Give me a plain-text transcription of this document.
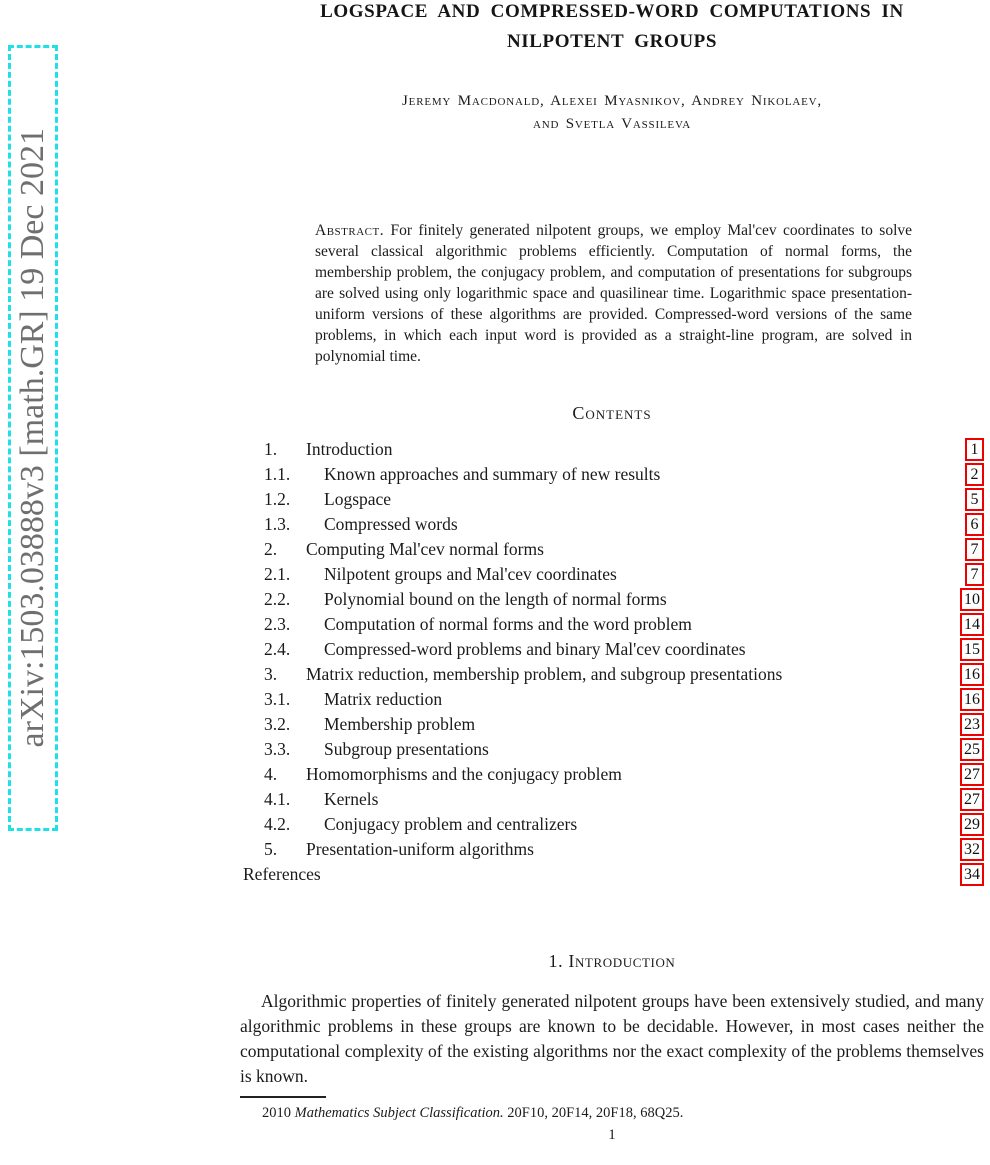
arXiv:1503.03888v3 [math.GR] 19 Dec 2021
LOGSPACE AND COMPRESSED-WORD COMPUTATIONS IN
NILPOTENT GROUPS
Jeremy Macdonald, Alexei Myasnikov, Andrey Nikolaev,
and Svetla Vassileva
Abstract. For finitely generated nilpotent groups, we employ Mal'cev coordinates to solve several classical algorithmic problems efficiently. Computation of normal forms, the membership problem, the conjugacy problem, and computation of presentations for subgroups are solved using only logarithmic space and quasilinear time. Logarithmic space presentation-uniform versions of these algorithms are provided. Compressed-word versions of the same problems, in which each input word is provided as a straight-line program, are solved in polynomial time.
Contents
1.	Introduction	1
1.1.	Known approaches and summary of new results	2
1.2.	Logspace	5
1.3.	Compressed words	6
2.	Computing Mal'cev normal forms	7
2.1.	Nilpotent groups and Mal'cev coordinates	7
2.2.	Polynomial bound on the length of normal forms	10
2.3.	Computation of normal forms and the word problem	14
2.4.	Compressed-word problems and binary Mal'cev coordinates	15
3.	Matrix reduction, membership problem, and subgroup presentations	16
3.1.	Matrix reduction	16
3.2.	Membership problem	23
3.3.	Subgroup presentations	25
4.	Homomorphisms and the conjugacy problem	27
4.1.	Kernels	27
4.2.	Conjugacy problem and centralizers	29
5.	Presentation-uniform algorithms	32
References	34
1. Introduction
Algorithmic properties of finitely generated nilpotent groups have been extensively studied, and many algorithmic problems in these groups are known to be decidable. However, in most cases neither the computational complexity of the existing algorithms nor the exact complexity of the problems themselves is known.
2010 Mathematics Subject Classification. 20F10, 20F14, 20F18, 68Q25.
1
